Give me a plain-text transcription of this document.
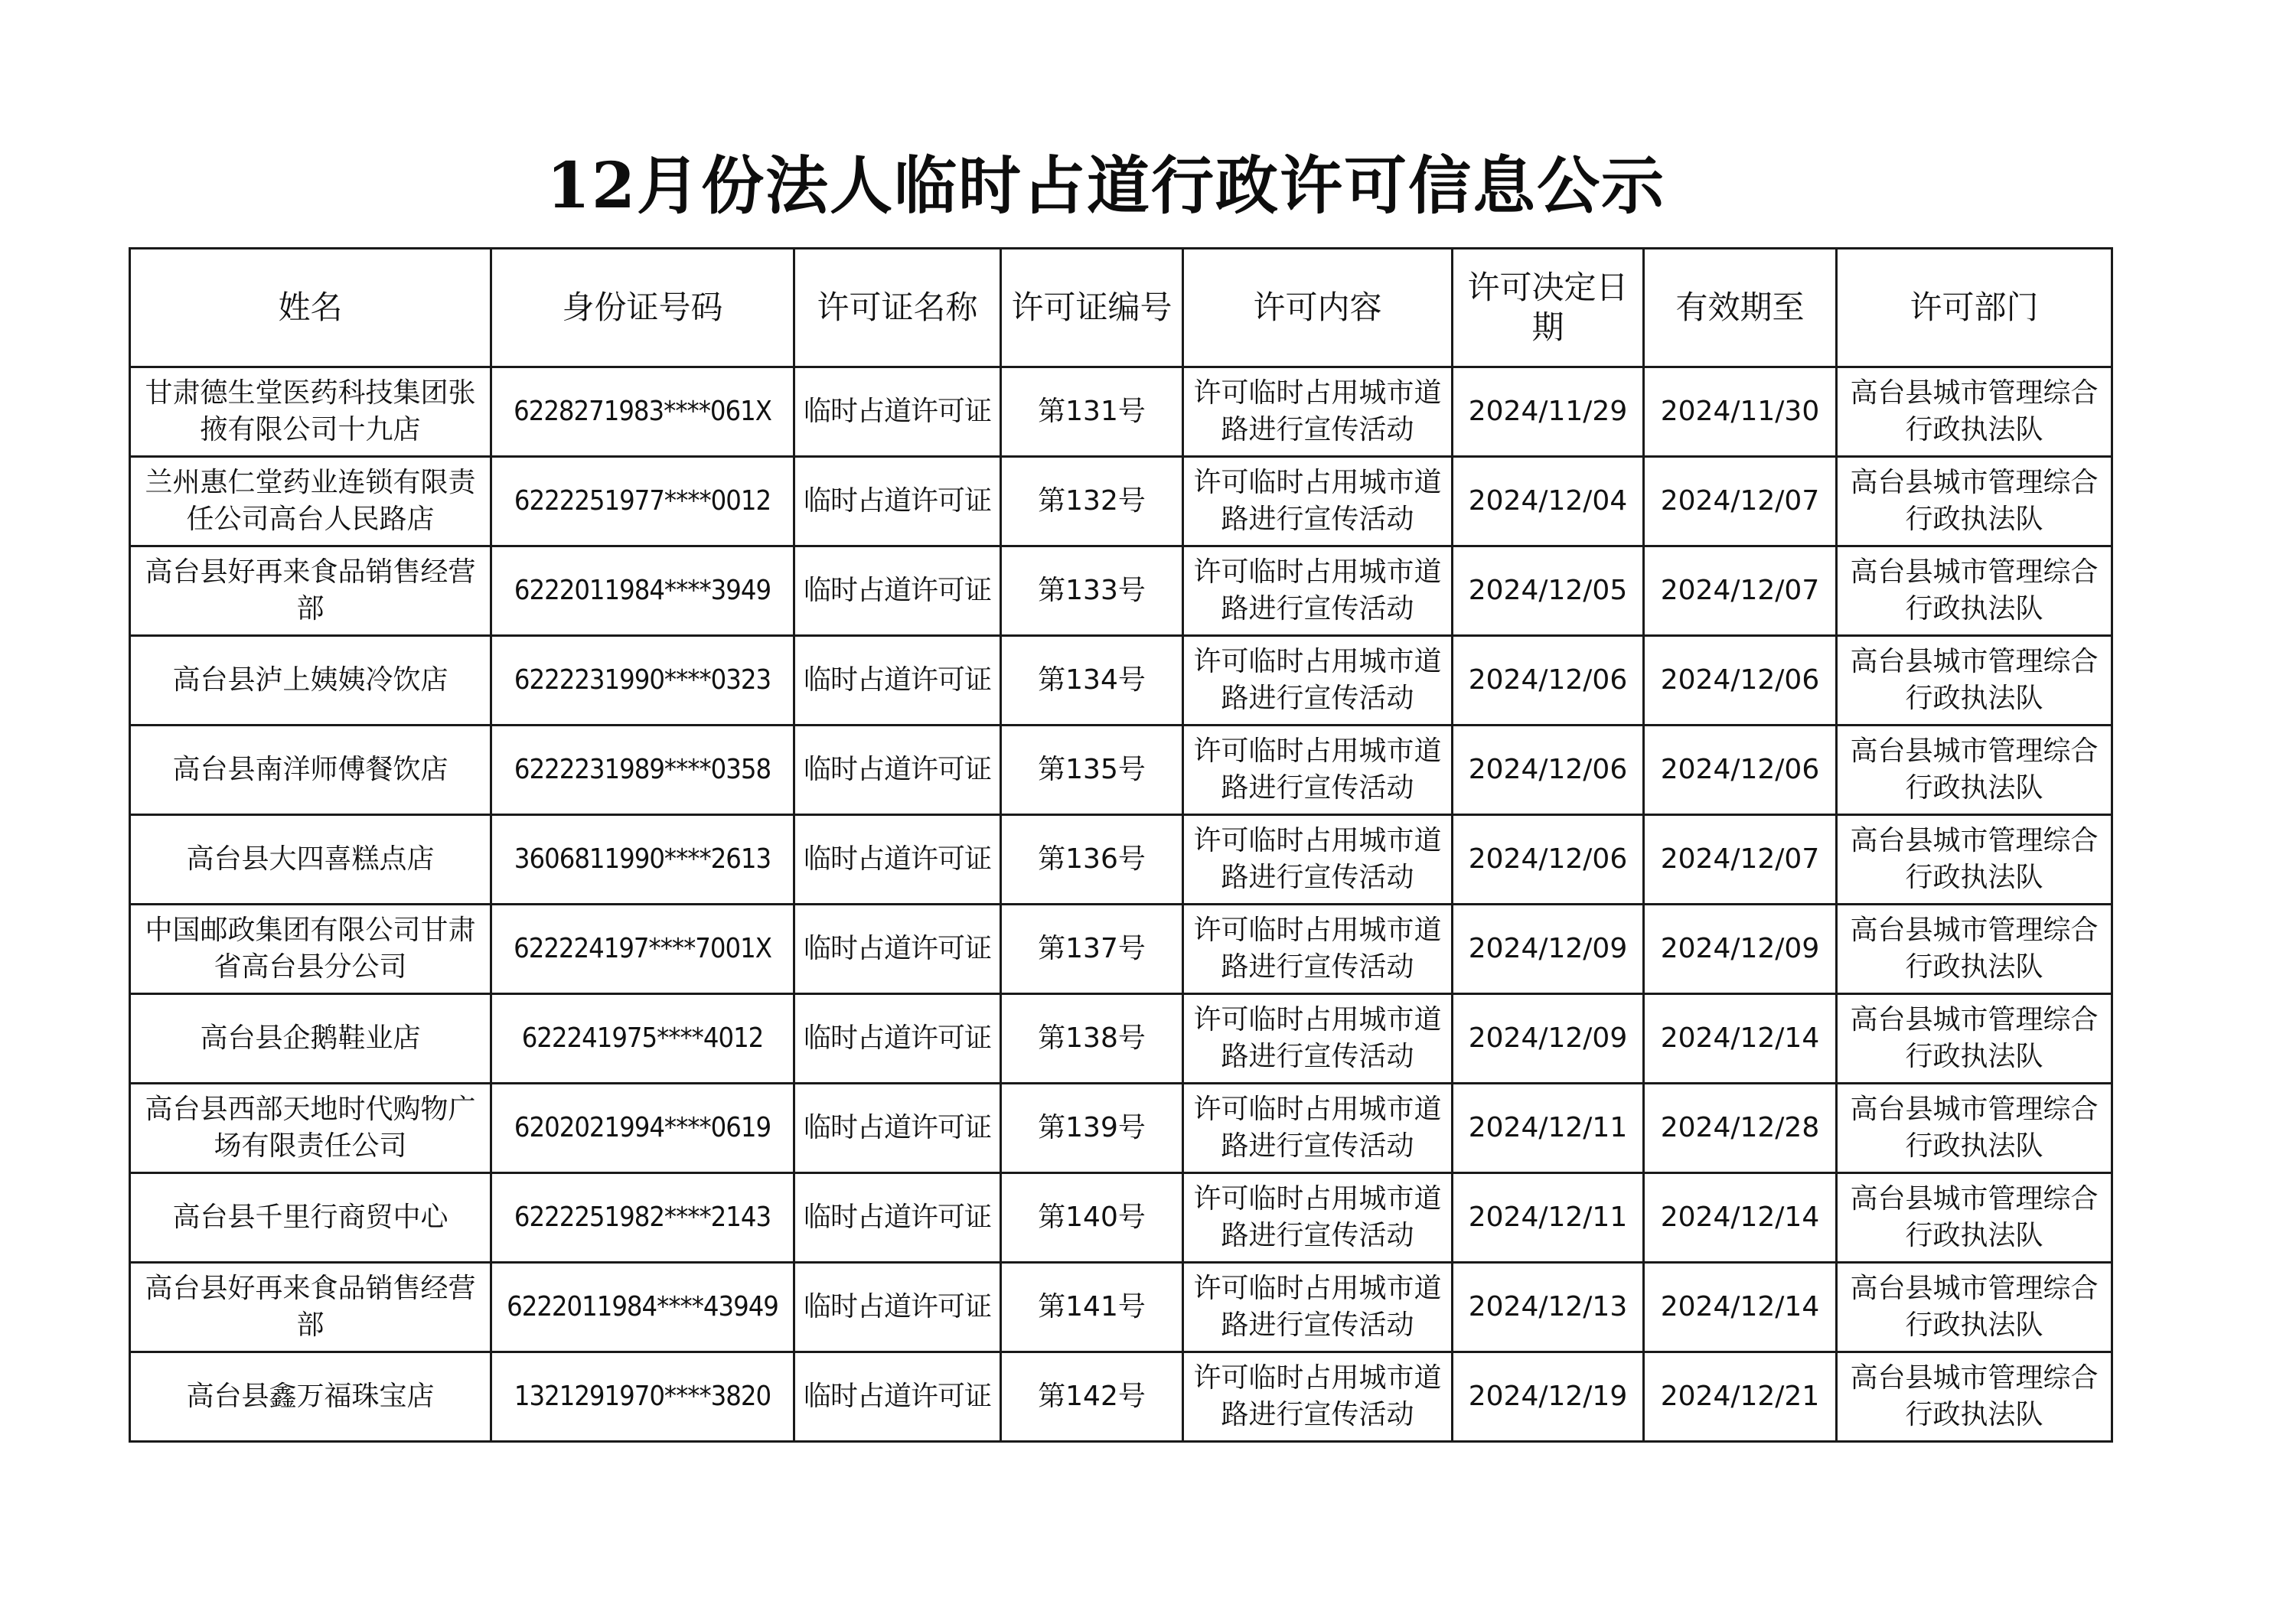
12月份法人临时占道行政许可信息公示
姓名	身份证号码	许可证名称	许可证编号	许可内容	许可决定日期	有效期至	许可部门
甘肃德生堂医药科技集团张掖有限公司十九店	6228271983****061X	临时占道许可证	第131号	许可临时占用城市道路进行宣传活动	2024/11/29	2024/11/30	高台县城市管理综合行政执法队
兰州惠仁堂药业连锁有限责任公司高台人民路店	6222251977****0012	临时占道许可证	第132号	许可临时占用城市道路进行宣传活动	2024/12/04	2024/12/07	高台县城市管理综合行政执法队
高台县好再来食品销售经营部	6222011984****3949	临时占道许可证	第133号	许可临时占用城市道路进行宣传活动	2024/12/05	2024/12/07	高台县城市管理综合行政执法队
高台县泸上姨姨冷饮店	6222231990****0323	临时占道许可证	第134号	许可临时占用城市道路进行宣传活动	2024/12/06	2024/12/06	高台县城市管理综合行政执法队
高台县南洋师傅餐饮店	6222231989****0358	临时占道许可证	第135号	许可临时占用城市道路进行宣传活动	2024/12/06	2024/12/06	高台县城市管理综合行政执法队
高台县大四喜糕点店	3606811990****2613	临时占道许可证	第136号	许可临时占用城市道路进行宣传活动	2024/12/06	2024/12/07	高台县城市管理综合行政执法队
中国邮政集团有限公司甘肃省高台县分公司	622224197****7001X	临时占道许可证	第137号	许可临时占用城市道路进行宣传活动	2024/12/09	2024/12/09	高台县城市管理综合行政执法队
高台县企鹅鞋业店	622241975****4012	临时占道许可证	第138号	许可临时占用城市道路进行宣传活动	2024/12/09	2024/12/14	高台县城市管理综合行政执法队
高台县西部天地时代购物广场有限责任公司	6202021994****0619	临时占道许可证	第139号	许可临时占用城市道路进行宣传活动	2024/12/11	2024/12/28	高台县城市管理综合行政执法队
高台县千里行商贸中心	6222251982****2143	临时占道许可证	第140号	许可临时占用城市道路进行宣传活动	2024/12/11	2024/12/14	高台县城市管理综合行政执法队
高台县好再来食品销售经营部	6222011984****43949	临时占道许可证	第141号	许可临时占用城市道路进行宣传活动	2024/12/13	2024/12/14	高台县城市管理综合行政执法队
高台县鑫万福珠宝店	1321291970****3820	临时占道许可证	第142号	许可临时占用城市道路进行宣传活动	2024/12/19	2024/12/21	高台县城市管理综合行政执法队
